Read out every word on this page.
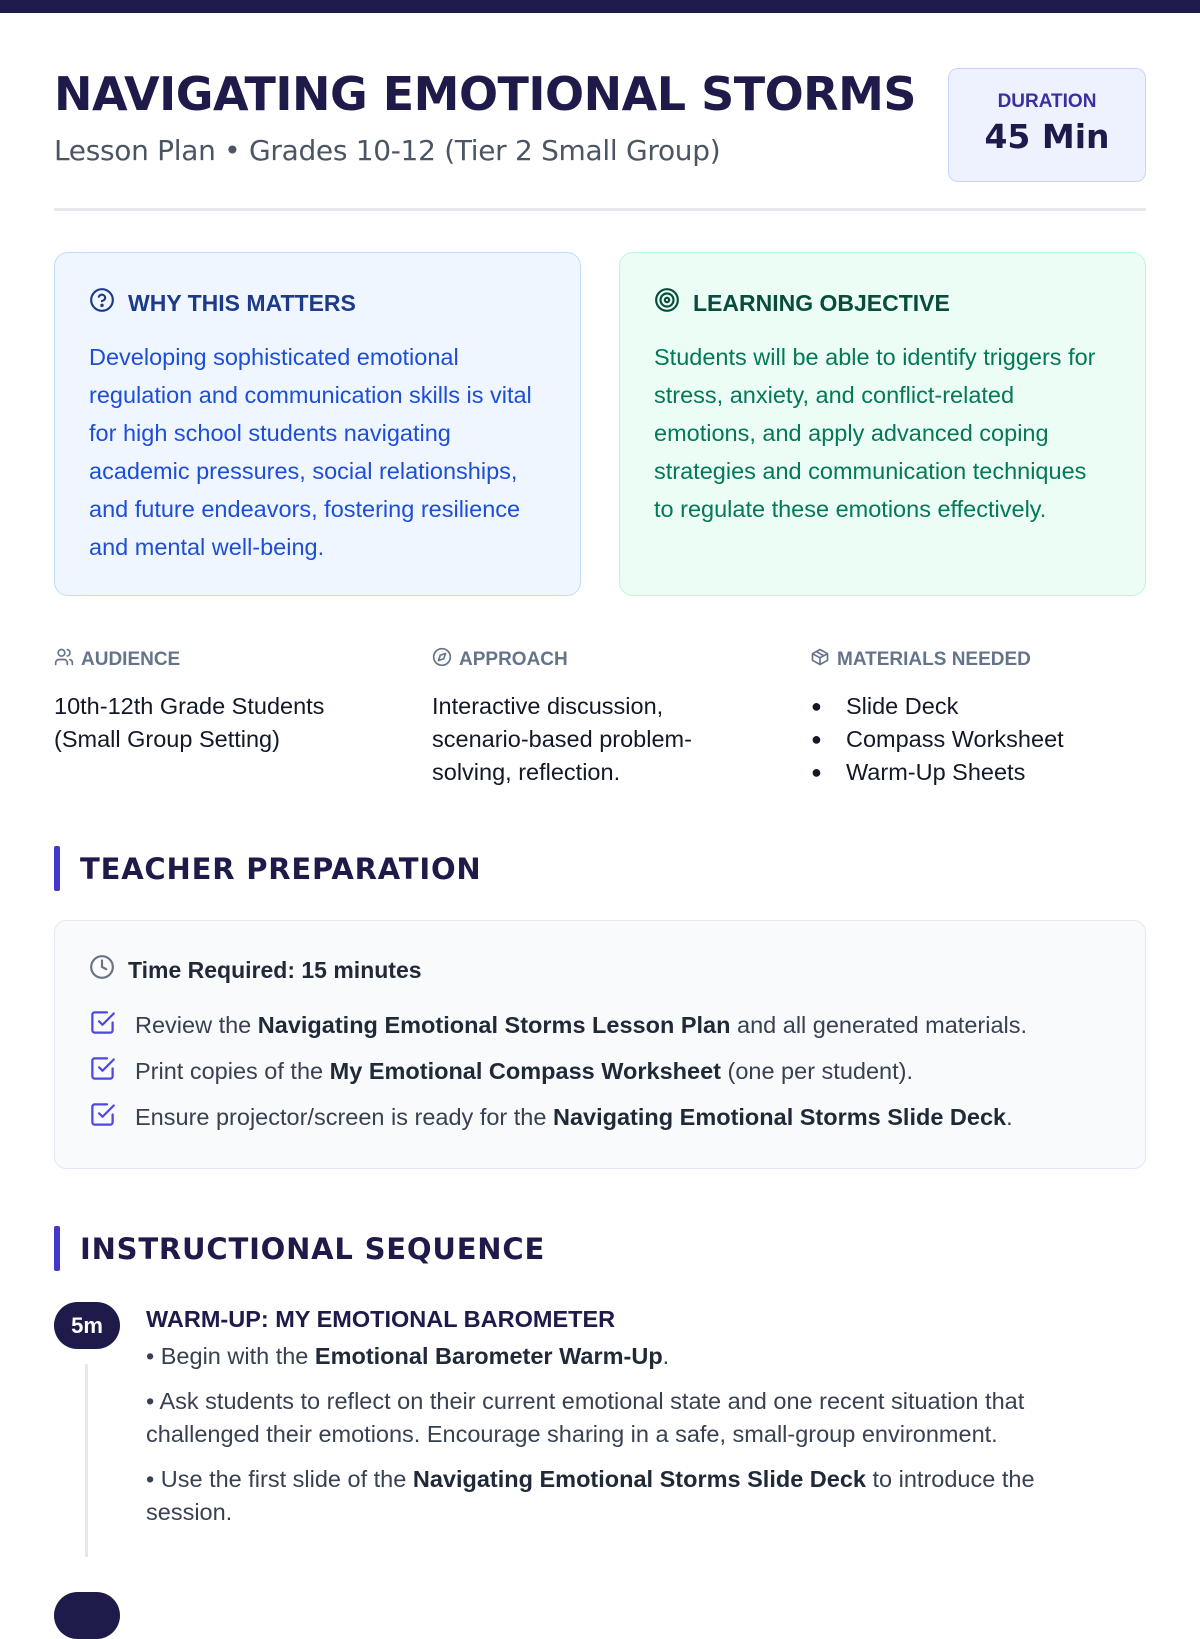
NAVIGATING EMOTIONAL STORMS
Lesson Plan • Grades 10-12 (Tier 2 Small Group)
DURATION
45 Min
WHY THIS MATTERS
Developing sophisticated emotional regulation and communication skills is vital for high school students navigating academic pressures, social relationships, and future endeavors, fostering resilience and mental well-being.
LEARNING OBJECTIVE
Students will be able to identify triggers for stress, anxiety, and conflict-related emotions, and apply advanced coping strategies and communication techniques to regulate these emotions effectively.
AUDIENCE
10th-12th Grade Students
(Small Group Setting)
APPROACH
Interactive discussion,
scenario-based problem-
solving, reflection.
MATERIALS NEEDED
●	Slide Deck
●	Compass Worksheet
●	Warm-Up Sheets
TEACHER PREPARATION
Time Required: 15 minutes
Review the Navigating Emotional Storms Lesson Plan and all generated materials.
Print copies of the My Emotional Compass Worksheet (one per student).
Ensure projector/screen is ready for the Navigating Emotional Storms Slide Deck.
INSTRUCTIONAL SEQUENCE
5m	WARM-UP: MY EMOTIONAL BAROMETER
• Begin with the Emotional Barometer Warm-Up.
• Ask students to reflect on their current emotional state and one recent situation that
challenged their emotions. Encourage sharing in a safe, small-group environment.
• Use the first slide of the Navigating Emotional Storms Slide Deck to introduce the
session.
